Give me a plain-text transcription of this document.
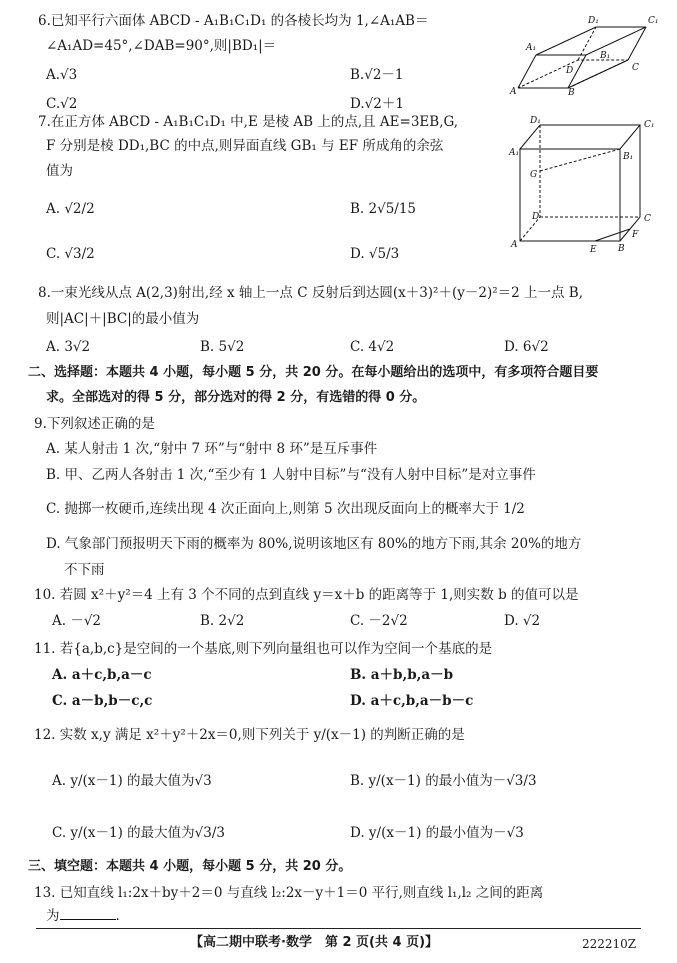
6.已知平行六面体 ABCD - A₁B₁C₁D₁ 的各棱长均为 1,∠A₁AB＝
∠A₁AD=45°,∠DAB=90°,则|BD₁|＝
A.√3	B.√2－1
C.√2	D.√2＋1
D₁	C₁
A₁
B₁
D	C
A	B
7.在正方体 ABCD - A₁B₁C₁D₁ 中,E 是棱 AB 上的点,且 AE=3EB,G,
F 分别是棱 DD₁,BC 的中点,则异面直线 GB₁ 与 EF 所成角的余弦
值为
A. √2/2	B. 2√5/15
C. √3/2	D. √5/3
D₁	C₁
A₁	B₁
G
D	C
A	B
E
F
8.一束光线从点 A(2,3)射出,经 x 轴上一点 C 反射后到达圆(x＋3)²＋(y－2)²＝2 上一点 B,
则|AC|＋|BC|的最小值为
A. 3√2	B. 5√2	C. 4√2	D. 6√2
二、选择题：本题共 4 小题，每小题 5 分，共 20 分。在每小题给出的选项中，有多项符合题目要
求。全部选对的得 5 分，部分选对的得 2 分，有选错的得 0 分。
9.下列叙述正确的是
A. 某人射击 1 次,“射中 7 环”与“射中 8 环”是互斥事件
B. 甲、乙两人各射击 1 次,“至少有 1 人射中目标”与“没有人射中目标”是对立事件
C. 抛掷一枚硬币,连续出现 4 次正面向上,则第 5 次出现反面向上的概率大于 1/2
D. 气象部门预报明天下雨的概率为 80%,说明该地区有 80%的地方下雨,其余 20%的地方
不下雨
10. 若圆 x²＋y²＝4 上有 3 个不同的点到直线 y＝x＋b 的距离等于 1,则实数 b 的值可以是
A. －√2	B. 2√2	C. －2√2	D. √2
11. 若{a,b,c}是空间的一个基底,则下列向量组也可以作为空间一个基底的是
A. a＋c,b,a－c	B. a＋b,b,a－b
C. a－b,b－c,c	D. a＋c,b,a－b－c
12. 实数 x,y 满足 x²＋y²＋2x＝0,则下列关于 y/(x－1) 的判断正确的是
A. y/(x－1) 的最大值为√3	B. y/(x－1) 的最小值为－√3/3
C. y/(x－1) 的最大值为√3/3	D. y/(x－1) 的最小值为－√3
三、填空题：本题共 4 小题，每小题 5 分，共 20 分。
13. 已知直线 l₁:2x＋by＋2＝0 与直线 l₂:2x－y＋1＝0 平行,则直线 l₁,l₂ 之间的距离
为	.
【高二期中联考·数学　第 2 页(共 4 页)】	222210Z
